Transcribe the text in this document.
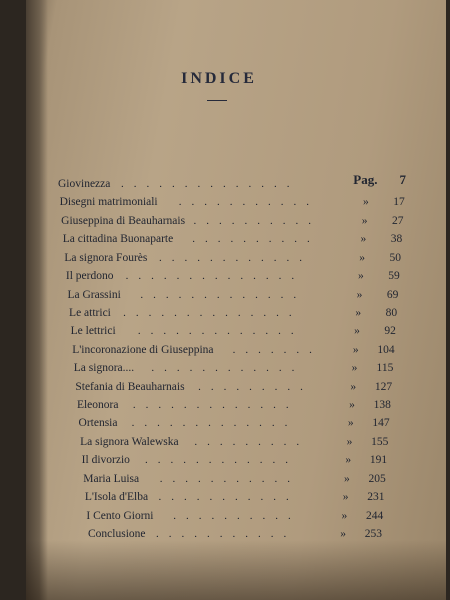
INDICE
Giovinezza ..............	Pag. 7
Disegni matrimoniali ...........	» 17
Giuseppina di Beauharnais ..........	» 27
La cittadina Buonaparte ..........	» 38
La signora Fourès ............	» 50
Il perdono ..............	» 59
La Grassini .............	» 69
Le attrici ..............	» 80
Le lettrici .............	» 92
L'incoronazione di Giuseppina .......	» 104
La signora.... ............	» 115
Stefania di Beauharnais .........	» 127
Eleonora .............	» 138
Ortensia .............	» 147
La signora Walewska .........	» 155
Il divorzio ............	» 191
Maria Luisa ...........	» 205
L'Isola d'Elba ...........	» 231
I Cento Giorni ..........	» 244
Conclusione ...........	» 253
